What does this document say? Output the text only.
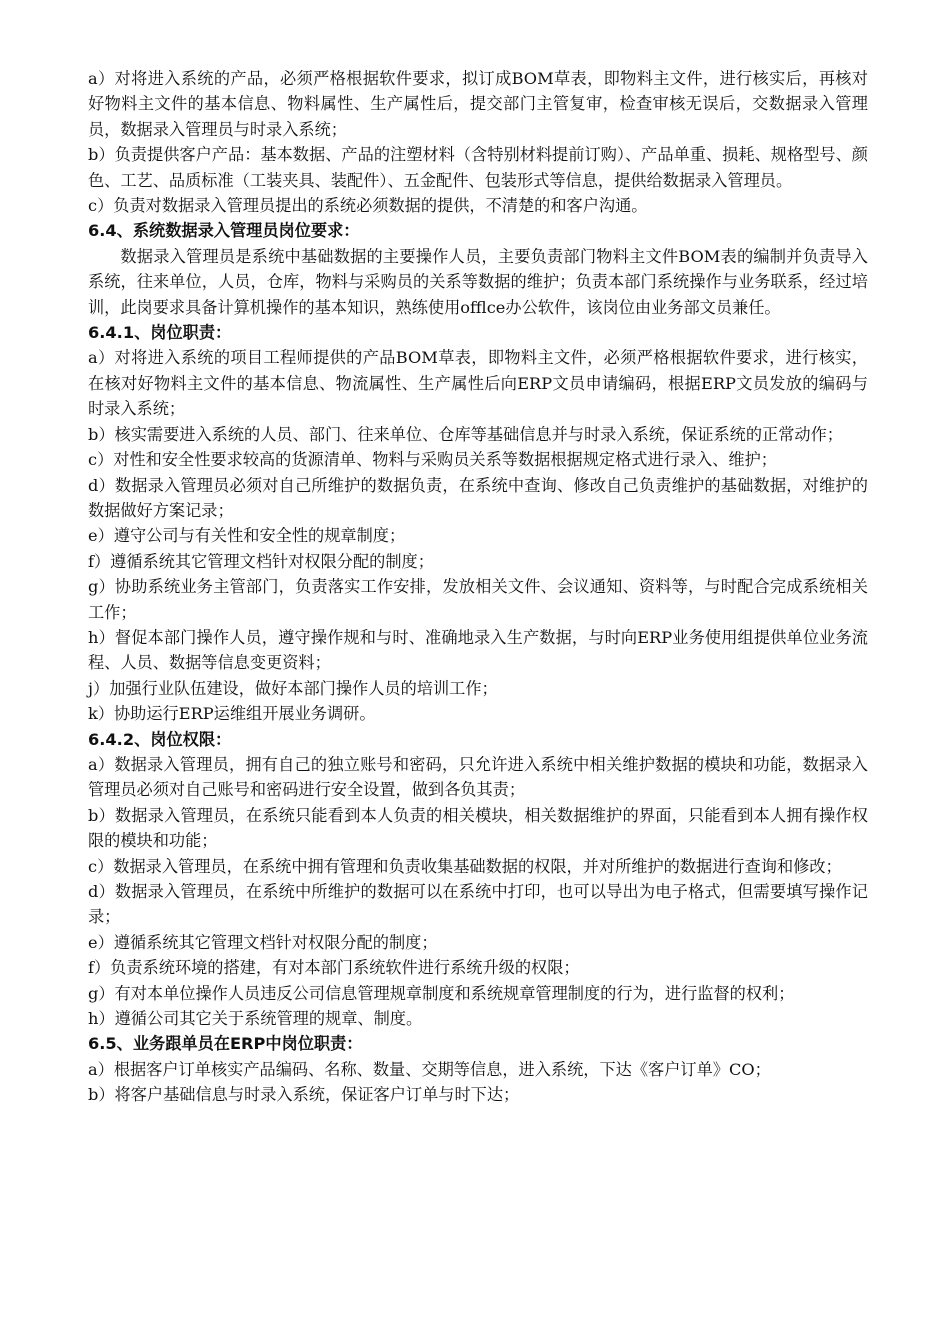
a）对将进入系统的产品，必须严格根据软件要求，拟订成BOM草表，即物料主文件，进行核实后，再核对好物料主文件的基本信息、物料属性、生产属性后，提交部门主管复审，检查审核无误后，交数据录入管理员，数据录入管理员与时录入系统；

b）负责提供客户产品：基本数据、产品的注塑材料（含特别材料提前订购）、产品单重、损耗、规格型号、颜色、工艺、品质标准（工装夹具、装配件）、五金配件、包装形式等信息，提供给数据录入管理员。

c）负责对数据录入管理员提出的系统必须数据的提供，不清楚的和客户沟通。

6.4、系统数据录入管理员岗位要求：

数据录入管理员是系统中基础数据的主要操作人员，主要负责部门物料主文件BOM表的编制并负责导入系统，往来单位，人员，仓库，物料与采购员的关系等数据的维护；负责本部门系统操作与业务联系，经过培训，此岗要求具备计算机操作的基本知识，熟练使用offlce办公软件，该岗位由业务部文员兼任。

6.4.1、岗位职责：

a）对将进入系统的项目工程师提供的产品BOM草表，即物料主文件，必须严格根据软件要求，进行核实，在核对好物料主文件的基本信息、物流属性、生产属性后向ERP文员申请编码，根据ERP文员发放的编码与时录入系统；

b）核实需要进入系统的人员、部门、往来单位、仓库等基础信息并与时录入系统，保证系统的正常动作；

c）对性和安全性要求较高的货源清单、物料与采购员关系等数据根据规定格式进行录入、维护；

d）数据录入管理员必须对自己所维护的数据负责，在系统中查询、修改自己负责维护的基础数据，对维护的数据做好方案记录；

e）遵守公司与有关性和安全性的规章制度；

f）遵循系统其它管理文档针对权限分配的制度；

g）协助系统业务主管部门，负责落实工作安排，发放相关文件、会议通知、资料等，与时配合完成系统相关工作；

h）督促本部门操作人员，遵守操作规和与时、准确地录入生产数据，与时向ERP业务使用组提供单位业务流程、人员、数据等信息变更资料；

j）加强行业队伍建设，做好本部门操作人员的培训工作；

k）协助运行ERP运维组开展业务调研。

6.4.2、岗位权限：

a）数据录入管理员，拥有自己的独立账号和密码，只允许进入系统中相关维护数据的模块和功能，数据录入管理员必须对自己账号和密码进行安全设置，做到各负其责；

b）数据录入管理员，在系统只能看到本人负责的相关模块，相关数据维护的界面，只能看到本人拥有操作权限的模块和功能；

c）数据录入管理员，在系统中拥有管理和负责收集基础数据的权限，并对所维护的数据进行查询和修改；

d）数据录入管理员，在系统中所维护的数据可以在系统中打印，也可以导出为电子格式，但需要填写操作记录；

e）遵循系统其它管理文档针对权限分配的制度；

f）负责系统环境的搭建，有对本部门系统软件进行系统升级的权限；

g）有对本单位操作人员违反公司信息管理规章制度和系统规章管理制度的行为，进行监督的权利；

h）遵循公司其它关于系统管理的规章、制度。

6.5、业务跟单员在ERP中岗位职责：

a）根据客户订单核实产品编码、名称、数量、交期等信息，进入系统，下达《客户订单》CO；

b）将客户基础信息与时录入系统，保证客户订单与时下达；
